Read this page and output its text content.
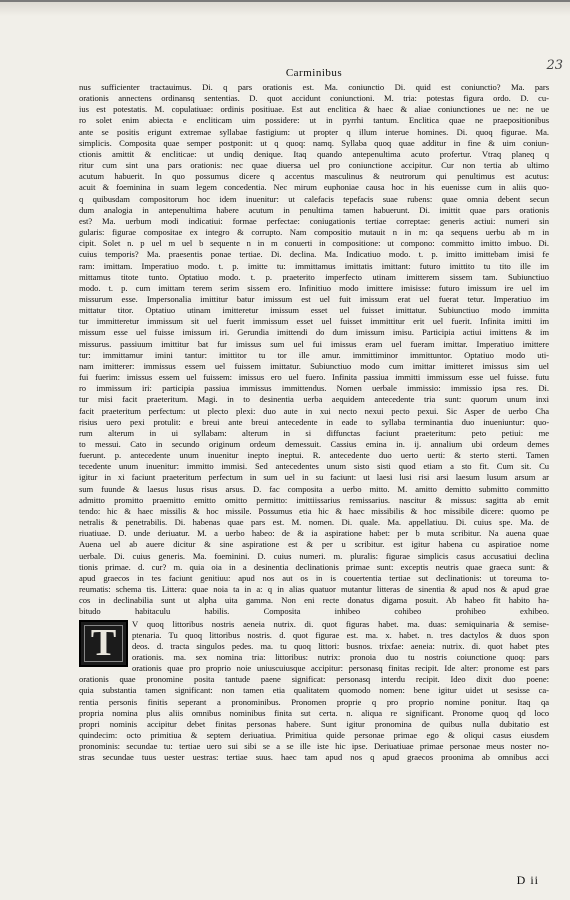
23
Carminibus
nus sufficienter tractauimus. Di. q pars orationis est. Ma. coniunctio Di. quid est coniunctio? Ma. pars
orationis annectens ordinansq sententias. D. quot accidunt coniunctioni. M. tria: potestas figura ordo. D. cu-
ius est potestatis. M. copulatiuae: ordinis positiuae. Est aut enclitica & haec & aliae coniunctiones ue ne: ne ue
ro solet enim abiecta e encliticam uim possidere: ut in pyrrhi tantum. Enclitica quae ne praepositionibus
ante se positis erigunt extremae syllabae fastigium: ut propter q illum interue homines. Di. quoq figurae. Ma.
simplicis. Composita quae semper postponit: ut q quoq: namq. Syllaba quoq quae additur in fine & uim coniun-
ctionis amittit & encliticae: ut undiq denique. Itaq quando antepenultima acuto profertur. Vtraq planeq q
ritur cum sint una pars orationis: nec quae diuersa uel pro coniunctione accipitur. Cur non tertia ab ultimo
acutum habuerit. In quo possumus dicere q accentus masculinus & neutrorum qui penultimus est acutus:
acuit & foeminina in suam legem concedentia. Nec mirum euphoniae causa hoc in his euenisse cum in aliis quo-
q quibusdam compositorum hoc idem inuenitur: ut calefacis tepefacis suae rubens: quae omnia debent secun
dum analogia in antepenultima habere acutum in penultima tamen habuerunt. Di. imittit quae pars orationis
est? Ma. uerbum modi indicatiui: formae perfectae: coniugationis tertiae correptae: generis actiui: numeri sin
gularis: figurae compositae ex integro & corrupto. Nam compositio mutauit n in m: qa sequens uerbu ab m in
cipit. Solet n. p uel m uel b sequente n in m conuerti in compositione: ut compono: committo imitto imbuo. Di.
cuius temporis? Ma. praesentis ponae tertiae. Di. declina. Ma. Indicatiuo modo. t. p. imitto imittebam imisi fe
ram: imittam. Imperatiuo modo. t. p. imitte tu: immittamus imittatis imittant: futuro imittito tu tito ille im
mittamus titote tunto. Optatiuo modo. t. p. praeterito imperfecto utinam imitterem sissem tam. Subiunctiuo
modo. t. p. cum imittam terem serim sissem ero. Infinitiuo modo imittere imisisse: futuro imissum ire uel im
missurum esse. Impersonalia imittitur batur imissum est uel fuit imissum erat uel fuerat tetur. Imperatiuo im
mittatur titor. Optatiuo utinam imitteretur imissum esset uel fuisset imittatur. Subiunctiuo modo immitta
tur immitteretur immissum sit uel fuerit immissum esset uel fuisset immittitur erit uel fuerit. Infinita imitti im
missum esse uel fuisse imissum iri. Gerundia imittendi do dum imissum imisu. Participia actiui imittens & im
missurus. passiuum imittitur bat fur imissus sum uel fui imissus eram uel fueram imittar. Imperatiuo imittere
tur: immittamur imini tantur: imittitor tu tor ille amur. immittiminor immittuntor. Optatiuo modo uti-
nam imitterer: immissus essem uel fuissem imittatur. Subiunctiuo modo cum imittar imitteret imissus sim uel
fui fuerim: imissus essem uel fuissem: imissus ero uel fuero. Infinita passiua immitti immissum esse uel fuisse. futu
ro immissum iri: participia passiua immissus immittendus. Nomen uerbale immissio: immissio ipsa res. Di.
tur misi facit praeteritum. Magi. in to desinentia uerba aequidem antecedente tria sunt: quorum unum inxi
facit praeteritum perfectum: ut plecto plexi: duo aute in xui necto nexui pecto pexui. Sic Asper de uerbo Cha
risius uero pexi protulit: e breui ante breui antecedente in eade to syllaba terminantia duo inueniuntur: quo-
rum alterum in ui syllabam: alterum in si diffunctas faciunt praeteritum: peto petiui: me
to messui. Cato in secundo originum ordeum demessuit. Cassius emina in. ij. annalium ubi ordeum demes
fuerunt. p. antecedente unum inuenitur inepto ineptui. R. antecedente duo uerto uerti: & sterto sterti. Tamen
tecedente unum inuenitur: immitto immisi. Sed antecedentes unum sisto sisti quod etiam a sto fit. Cum sit. Cu
igitur in xi faciunt praeteritum perfectum in sum uel in su faciunt: ut laesi lusi risi arsi laesum lusum arsum ar
sum fuunde & laesus lusus risus arsus. D. fac composita a uerbo mitto. M. amitto demitto submitto committo
admitto promitto praemitto emitto omitto permitto: imittiissarius remissarius. nascitur & missus: sagitta ab emit
tendo: hic & haec missilis & hoc missile. Possumus etia hic & haec missibilis & hoc missibile dicere: quomo pe
netralis & penetrabilis. Di. habenas quae pars est. M. nomen. Di. quale. Ma. appellatiuu. Di. cuius spe. Ma. de
riuatiuae. D. unde deriuatur. M. a uerbo habeo: de & ia aspiratione habet: per b muta scribitur. Na auena quae
Auena uel ab auere dicitur & sine aspiratione est & per u scribitur. est igitur habena cu aspiratioe nome
uerbale. Di. cuius generis. Ma. foeminini. D. cuius numeri. m. pluralis: figurae simplicis casus accusatiui declina
tionis primae. d. cur? m. quia oia in a desinentia declinationis primae sunt: exceptis neutris quae graeca sunt: &
apud graecos in tes faciunt genitiuu: apud nos aut os in is couertentia tertiae sut declinationis: ut toreuma to-
reumatis: schema tis. Littera: quae noia ta in a: q in alias quatuor mutantur litteras de sinentia & apud nos & apud grae
cos in declinabilia sunt ut alpha uita gamma. Non eni recte donatus digama posuit. Ab habeo fit habito ha-
bitudo habitaculu habilis. Composita inhibeo cohibeo prohibeo exhibeo.
T	V quoq littoribus nostris aeneia nutrix. di. quot figuras habet. ma. duas: semiquinaria & semise-
ptenaria. Tu quoq littoribus nostris. d. quot figurae est. ma. x. habet. n. tres dactylos & duos spon
deos. d. tracta singulos pedes. ma. tu quoq littori: busnos. trixfae: aeneia: nutrix. di. quot habet ptes
orationis. ma. sex nomina tria: littoribus: nutrix: pronoia duo tu nostris coiunctione quoq: pars
orationis quae pro proprio noie uniuscuiusque accipitur: personasq finitas recipit. Ide alter: pronome est pars
orationis quae pronomine posita tantude paene significat: personasq interdu recipit. Ideo dixit duo poene:
quia substantia tamen significant: non tamen etia qualitatem quomodo nomen: bene igitur uidet ut sesisse ca-
rentia personis finitis seperant a pronominibus. Pronomen proprie q pro proprio nomine ponitur. Itaq qa
propria nomina plus aliis omnibus nominibus finita sut certa. n. aliqua re significant. Pronome quoq qd loco
propri nominis accipitur debet finitas personas habere. Sunt igitur pronomina de quibus nulla dubitatio est
quindecim: octo primitiua & septem deriuatiua. Primitiua quide personae primae ego & oliqui casus eiusdem
pronominis: secundae tu: tertiae uero sui sibi se a se ille iste hic ipse. Deriuatiuae primae personae meus noster no-
stras secundae tuus uester uestras: tertiae suus. haec tam apud nos q apud graecos proonima ab omnibus acci
D ii
